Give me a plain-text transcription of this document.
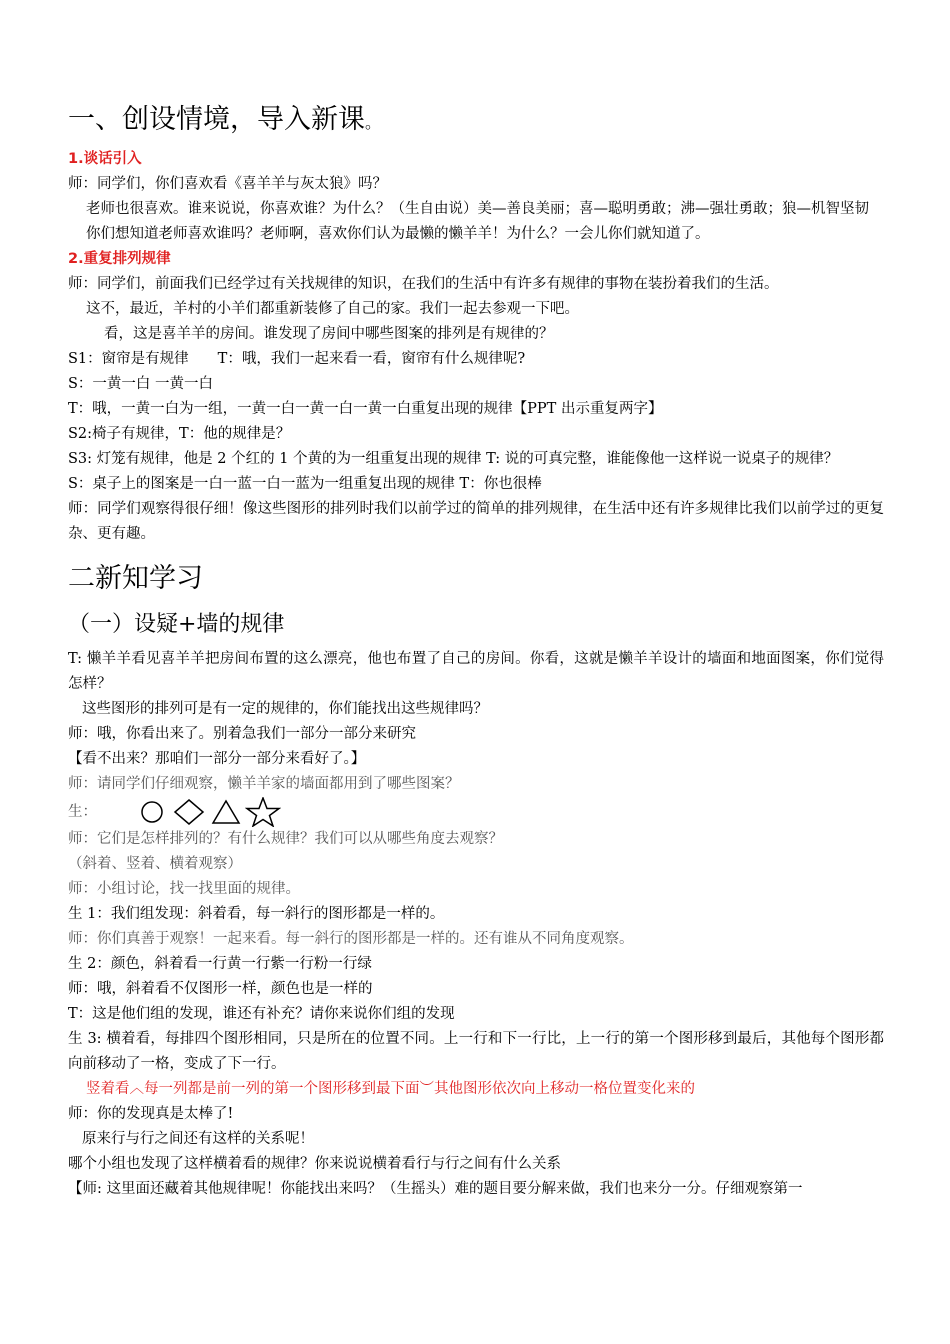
一、创设情境，导入新课。
1.谈话引入

师：同学们，你们喜欢看《喜羊羊与灰太狼》吗？

老师也很喜欢。谁来说说，你喜欢谁？为什么？（生自由说）美—善良美丽；喜—聪明勇敢；沸—强壮勇敢；狼—机智坚韧

你们想知道老师喜欢谁吗？老师啊，喜欢你们认为最懒的懒羊羊！为什么？一会儿你们就知道了。

2.重复排列规律

师：同学们，前面我们已经学过有关找规律的知识，在我们的生活中有许多有规律的事物在装扮着我们的生活。

这不，最近，羊村的小羊们都重新装修了自己的家。我们一起去参观一下吧。

看，这是喜羊羊的房间。谁发现了房间中哪些图案的排列是有规律的？

S1：窗帘是有规律　　T：哦，我们一起来看一看，窗帘有什么规律呢?

S：一黄一白 一黄一白

T：哦，一黄一白为一组，一黄一白一黄一白一黄一白重复出现的规律【PPT 出示重复两字】

S2:椅子有规律，T：他的规律是？

S3: 灯笼有规律，他是 2 个红的 1 个黄的为一组重复出现的规律 T: 说的可真完整，谁能像他一这样说一说桌子的规律？

S：桌子上的图案是一白一蓝一白一蓝为一组重复出现的规律 T：你也很棒

师：同学们观察得很仔细！像这些图形的排列时我们以前学过的简单的排列规律，在生活中还有许多规律比我们以前学过的更复杂、更有趣。

二新知学习
（一）设疑+墙的规律

T: 懒羊羊看见喜羊羊把房间布置的这么漂亮，他也布置了自己的房间。你看，这就是懒羊羊设计的墙面和地面图案，你们觉得怎样？

这些图形的排列可是有一定的规律的，你们能找出这些规律吗？

师：哦，你看出来了。别着急我们一部分一部分来研究

【看不出来？那咱们一部分一部分来看好了。】

师：请同学们仔细观察，懒羊羊家的墙面都用到了哪些图案？

生：

师：它们是怎样排列的？有什么规律？我们可以从哪些角度去观察？

（斜着、竖着、横着观察）

师：小组讨论，找一找里面的规律。

生 1：我们组发现：斜着看，每一斜行的图形都是一样的。

师：你们真善于观察！一起来看。每一斜行的图形都是一样的。还有谁从不同角度观察。

生 2：颜色，斜着看一行黄一行紫一行粉一行绿

师：哦，斜着看不仅图形一样，颜色也是一样的

T：这是他们组的发现，谁还有补充？请你来说你们组的发现

生 3: 横着看，每排四个图形相同，只是所在的位置不同。上一行和下一行比，上一行的第一个图形移到最后，其他每个图形都向前移动了一格，变成了下一行。

竖着看︿每一列都是前一列的第一个图形移到最下面︶其他图形依次向上移动一格位置变化来的

师：你的发现真是太棒了!

原来行与行之间还有这样的关系呢！

哪个小组也发现了这样横着看的规律？你来说说横着看行与行之间有什么关系

【师: 这里面还藏着其他规律呢！你能找出来吗？（生摇头）难的题目要分解来做，我们也来分一分。仔细观察第一
